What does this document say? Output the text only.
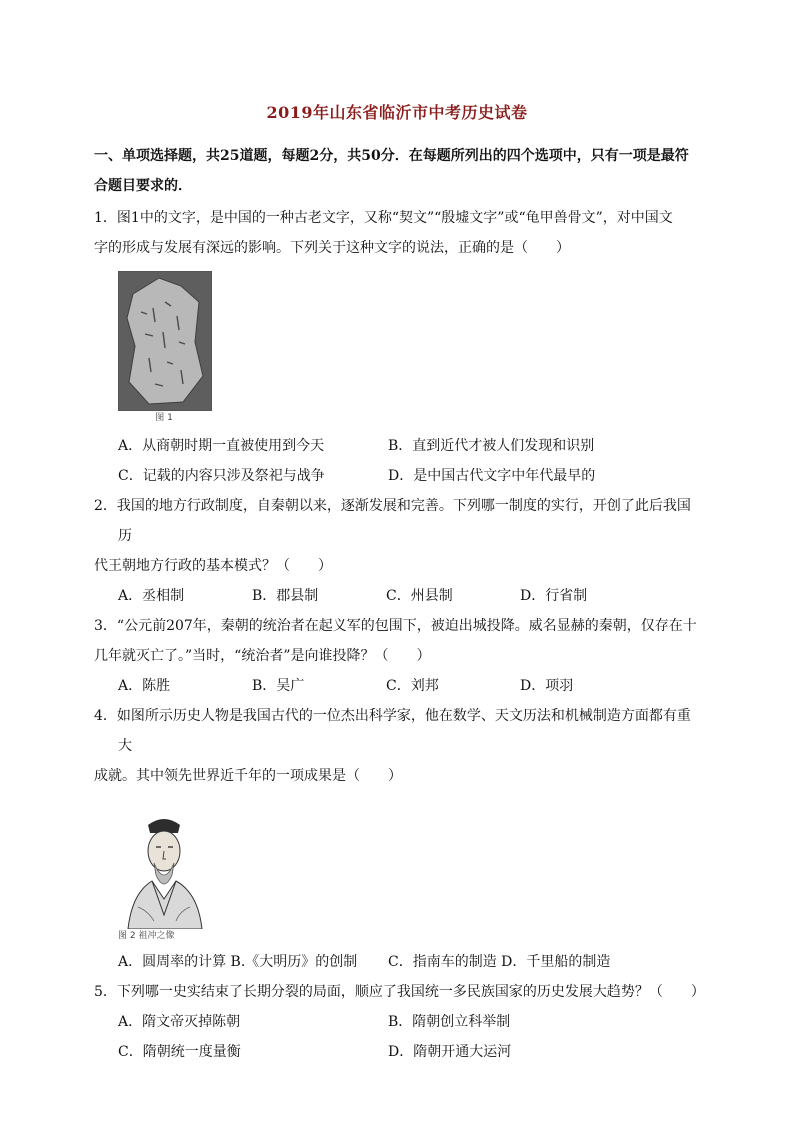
2019年山东省临沂市中考历史试卷
一、单项选择题，共25道题，每题2分，共50分．在每题所列出的四个选项中，只有一项是最符
合题目要求的．
1．图1中的文字，是中国的一种古老文字，又称“契文”“殷墟文字”或“龟甲兽骨文”，对中国文
字的形成与发展有深远的影响。下列关于这种文字的说法，正确的是（　　）
图 1
A．从商朝时期一直被使用到今天	B．直到近代才被人们发现和识别
C．记载的内容只涉及祭祀与战争	D．是中国古代文字中年代最早的
2．我国的地方行政制度，自秦朝以来，逐渐发展和完善。下列哪一制度的实行，开创了此后我国历
代王朝地方行政的基本模式？（　　）
A．丞相制	B．郡县制	C．州县制	D．行省制
3．“公元前207年，秦朝的统治者在起义军的包围下，被迫出城投降。威名显赫的秦朝，仅存在十
几年就灭亡了。”当时，“统治者”是向谁投降？（　　）
A．陈胜	B．吴广	C．刘邦	D．项羽
4．如图所示历史人物是我国古代的一位杰出科学家，他在数学、天文历法和机械制造方面都有重大
成就。其中领先世界近千年的一项成果是（　　）
图 2 祖冲之像
A．圆周率的计算 B.《大明历》的创制	C．指南车的制造 D．千里船的制造
5．下列哪一史实结束了长期分裂的局面，顺应了我国统一多民族国家的历史发展大趋势？（　　）
A．隋文帝灭掉陈朝	B．隋朝创立科举制
C．隋朝统一度量衡	D．隋朝开通大运河
